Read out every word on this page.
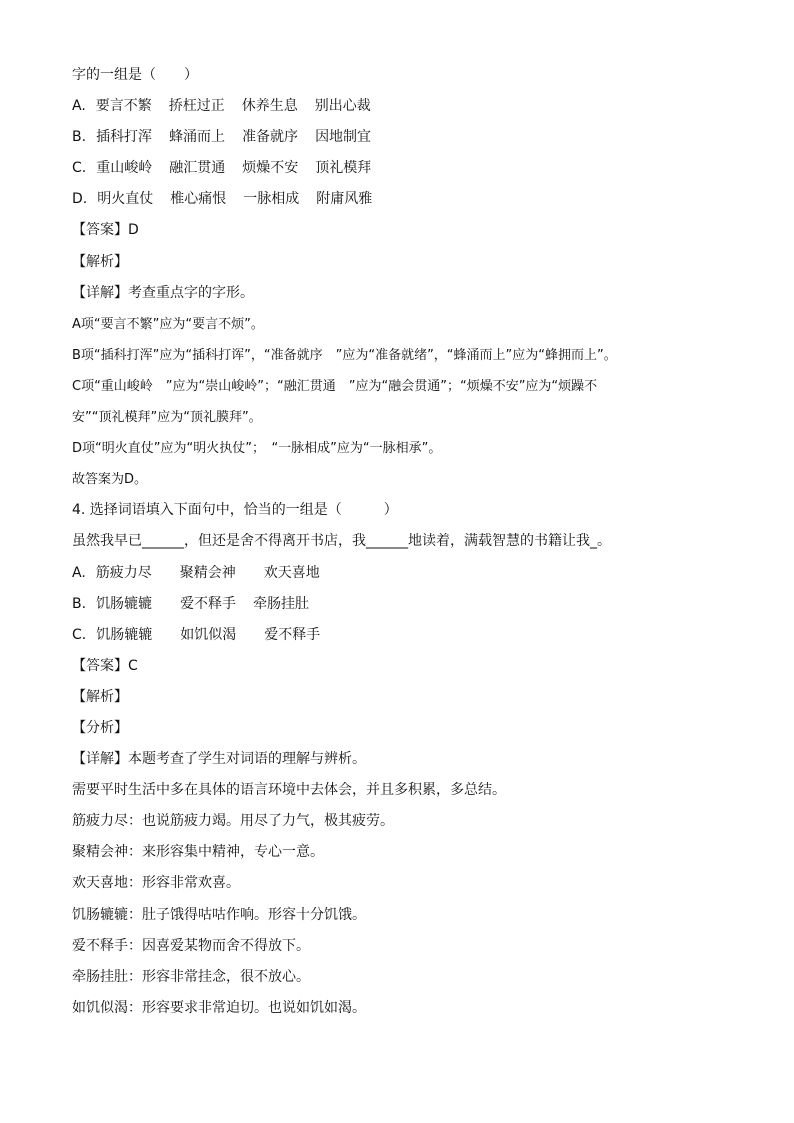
字的一组是（　　）
A. 要言不繁 挢枉过正 休养生息 别出心裁
B. 插科打浑 蜂涌而上 准备就序 因地制宜
C. 重山峻岭 融汇贯通 烦燥不安 顶礼模拜
D. 明火直仗 椎心痛恨 一脉相成 附庸风雅
【答案】D
【解析】
【详解】考查重点字的字形。
A项“要言不繁”应为“要言不烦”。
B项“插科打浑”应为“插科打诨”，“准备就序　”应为“准备就绪”，“蜂涌而上”应为“蜂拥而上”。
C项“重山峻岭　”应为“崇山峻岭”；“融汇贯通　”应为“融会贯通”；“烦燥不安”应为“烦躁不
安”“顶礼模拜”应为“顶礼膜拜”。
D项“明火直仗”应为“明火执仗”；　“一脉相成”应为“一脉相承”。
故答案为D。
4. 选择词语填入下面句中，恰当的一组是（　　　）
虽然我早已______，但还是舍不得离开书店，我______地读着，满载智慧的书籍让我_。
A. 筋疲力尽 聚精会神 欢天喜地
B. 饥肠辘辘 爱不释手 牵肠挂肚
C. 饥肠辘辘 如饥似渴 爱不释手
【答案】C
【解析】
【分析】
【详解】本题考查了学生对词语的理解与辨析。
需要平时生活中多在具体的语言环境中去体会，并且多积累，多总结。
筋疲力尽：也说筋疲力竭。用尽了力气，极其疲劳。
聚精会神：来形容集中精神，专心一意。
欢天喜地：形容非常欢喜。
饥肠辘辘：肚子饿得咕咕作响。形容十分饥饿。
爱不释手：因喜爱某物而舍不得放下。
牵肠挂肚：形容非常挂念，很不放心。
如饥似渴：形容要求非常迫切。也说如饥如渴。
